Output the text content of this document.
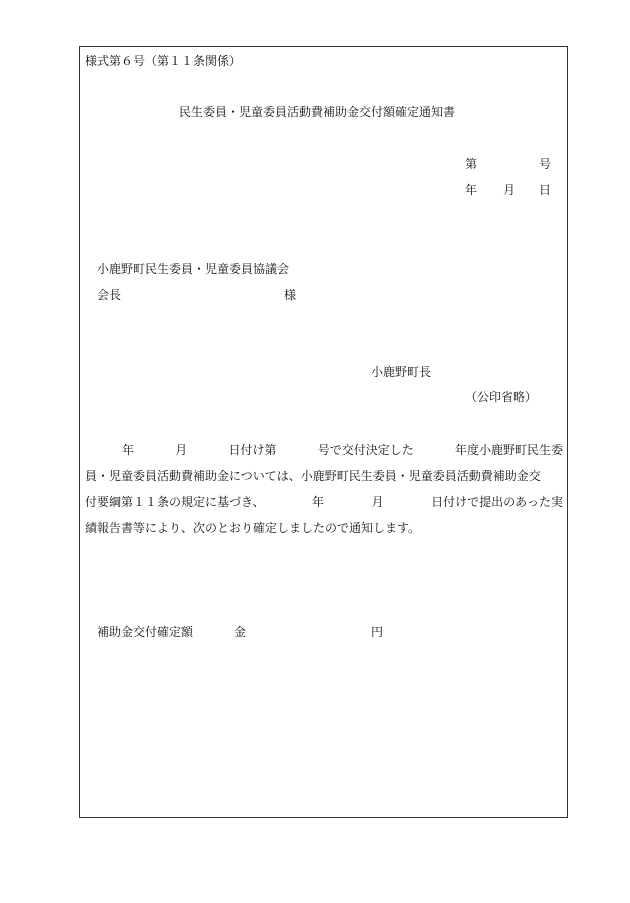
様式第６号（第１１条関係）
民生委員・児童委員活動費補助金交付額確定通知書
第	号
年 月 日
小鹿野町民生委員・児童委員協議会
会長	様
小鹿野町長
（公印省略）
年	月	日付け第	号で交付決定した	年度小鹿野町民生委
員・児童委員活動費補助金については、小鹿野町民生委員・児童委員活動費補助金交
付要綱第１１条の規定に基づき、	年	月	日付けで提出のあった実
績報告書等により、次のとおり確定しましたので通知します。
補助金交付確定額	金	円
